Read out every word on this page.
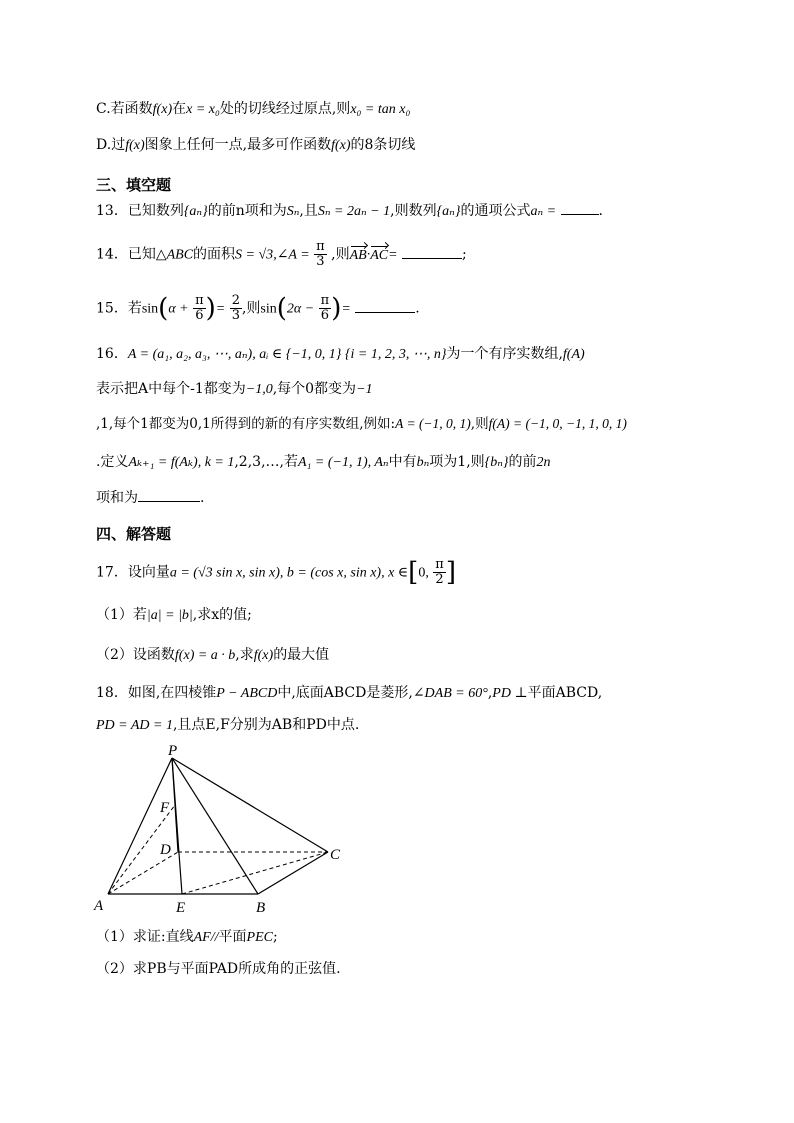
C.若函数f(x)在x = x₀处的切线经过原点,则x₀ = tan x₀
D.过f(x)图象上任何一点,最多可作函数f(x)的8条切线
三、填空题
13．已知数列{aₙ}的前n项和为Sₙ,且Sₙ = 2aₙ − 1,则数列{aₙ}的通项公式aₙ =	.
14．已知△ABC的面积S = √3,∠A = $\frac{\pi}{3}$ ,则AB·AC=	;
15．若$\sin(\alpha + \frac{\pi}{6}$ )= $\frac{2}{3}$ ,则$\sin(2\alpha - \frac{\pi}{6}$ )=	.
16．A = (a₁, a₂, a₃, ⋯, aₙ), aᵢ ∈ {−1, 0, 1} {i = 1, 2, 3, ⋯, n}为一个有序实数组,f(A)
表示把A中每个-1都变为−1,0,每个0都变为−1
,1,每个1都变为0,1所得到的新的有序实数组,例如:A = (−1, 0, 1),则f(A) = (−1, 0, −1, 1, 0, 1)
.定义Aₖ₊₁ = f(Aₖ), k = 1,2,3,…,若A₁ = (−1, 1), Aₙ中有bₙ项为1,则{bₙ}的前2n
项和为	.
四、解答题
17．设向量a = (√3 sin x, sin x), b = (cos x, sin x), x ∈[0, $\frac{\pi}{2}$ ]
（1）若|a| = |b|,求x的值;
（2）设函数f(x) = a · b,求f(x)的最大值
18．如图,在四棱锥P − ABCD中,底面ABCD是菱形,∠DAB = 60°,PD ⊥平面ABCD,
PD = AD = 1,且点E,F分别为AB和PD中点.
P
F
D	C
A	E	B
（1）求证:直线AF//平面PEC;
（2）求PB与平面PAD所成角的正弦值.
